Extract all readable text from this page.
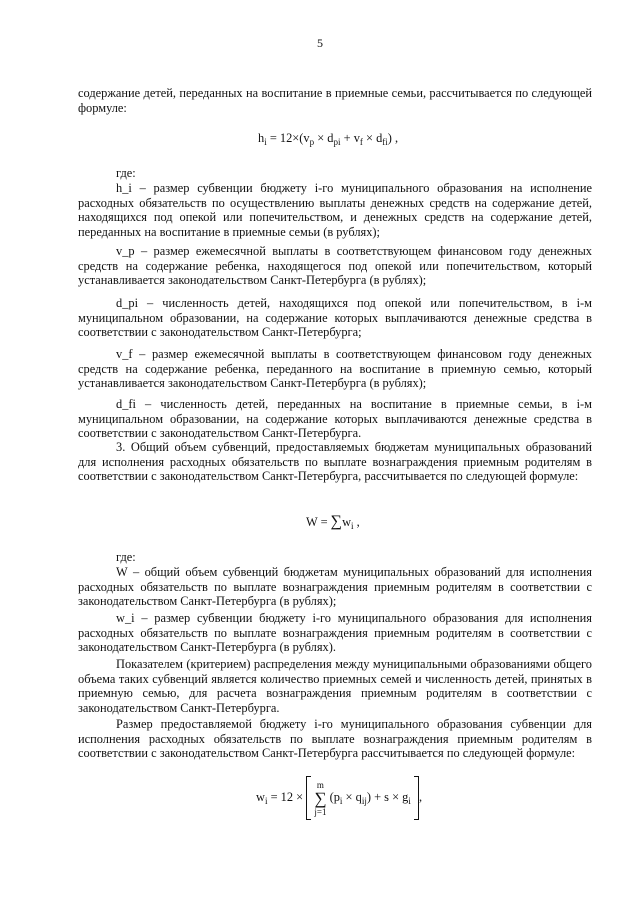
5

содержание детей, переданных на воспитание в приемные семьи, рассчитывается по следующей формуле:

$h_i = 12\times(v_p \times d_{pi} + v_f \times d_{fi})$ ,
где:

h_i – размер субвенции бюджету i-го муниципального образования на исполнение расходных обязательств по осуществлению выплаты денежных средств на содержание детей, находящихся под опекой или попечительством, и денежных средств на содержание детей, переданных на воспитание в приемные семьи (в рублях);

v_p – размер ежемесячной выплаты в соответствующем финансовом году денежных средств на содержание ребенка, находящегося под опекой или попечительством, который устанавливается законодательством Санкт-Петербурга (в рублях);

d_pi – численность детей, находящихся под опекой или попечительством, в i-м муниципальном образовании, на содержание которых выплачиваются денежные средства в соответствии с законодательством Санкт-Петербурга;

v_f – размер ежемесячной выплаты в соответствующем финансовом году денежных средств на содержание ребенка, переданного на воспитание в приемную семью, который устанавливается законодательством Санкт-Петербурга (в рублях);

d_fi – численность детей, переданных на воспитание в приемные семьи, в i-м муниципальном образовании, на содержание которых выплачиваются денежные средства в соответствии с законодательством Санкт-Петербурга.

3. Общий объем субвенций, предоставляемых бюджетам муниципальных образований для исполнения расходных обязательств по выплате вознаграждения приемным родителям в соответствии с законодательством Санкт-Петербурга, рассчитывается по следующей формуле:

$W = \sum w_i$ ,
где:

W – общий объем субвенций бюджетам муниципальных образований для исполнения расходных обязательств по выплате вознаграждения приемным родителям в соответствии с законодательством Санкт-Петербурга (в рублях);

w_i – размер субвенции бюджету i-го муниципального образования для исполнения расходных обязательств по выплате вознаграждения приемным родителям в соответствии с законодательством Санкт-Петербурга (в рублях).

Показателем (критерием) распределения между муниципальными образованиями общего объема таких субвенций является количество приемных семей и численность детей, принятых в приемную семью, для расчета вознаграждения приемным родителям в соответствии с законодательством Санкт-Петербурга.

Размер предоставляемой бюджету i-го муниципального образования субвенции для исполнения расходных обязательств по выплате вознаграждения приемным родителям в соответствии с законодательством Санкт-Петербурга рассчитывается по следующей формуле:

$w_i = 12 \times m$
∑
j=1 $(p_i \times q_{ij}) + s \times g_i$ ,
